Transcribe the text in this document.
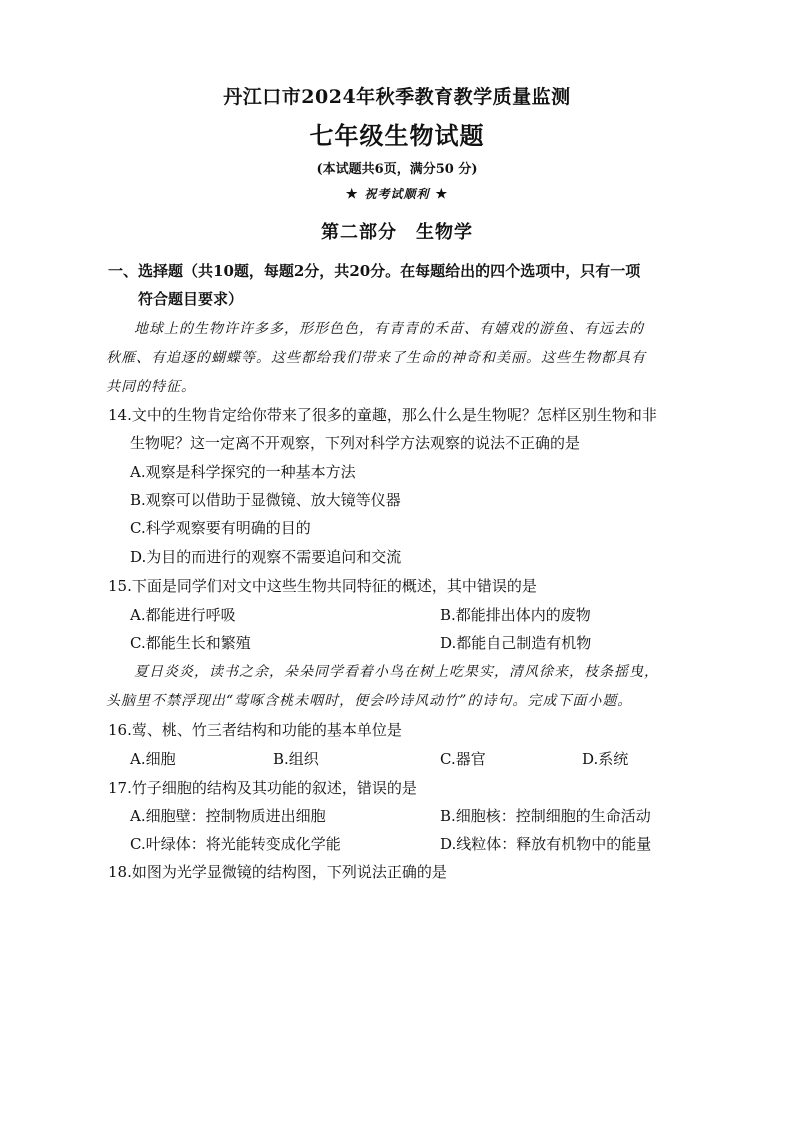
丹江口市2024年秋季教育教学质量监测
七年级生物试题
(本试题共6页，满分50 分)
★ 祝考试顺利 ★
第二部分　生物学
一、选择题（共10题，每题2分，共20分。在每题给出的四个选项中，只有一项
符合题目要求）
地球上的生物许许多多，形形色色，有青青的禾苗、有嬉戏的游鱼、有远去的
秋雁、有追逐的蝴蝶等。这些都给我们带来了生命的神奇和美丽。这些生物都具有
共同的特征。
14.文中的生物肯定给你带来了很多的童趣，那么什么是生物呢？怎样区别生物和非
生物呢？这一定离不开观察，下列对科学方法观察的说法不正确的是
A.观察是科学探究的一种基本方法
B.观察可以借助于显微镜、放大镜等仪器
C.科学观察要有明确的目的
D.为目的而进行的观察不需要追问和交流
15.下面是同学们对文中这些生物共同特征的概述，其中错误的是
A.都能进行呼吸	B.都能排出体内的废物
C.都能生长和繁殖	D.都能自己制造有机物
夏日炎炎，读书之余，朵朵同学看着小鸟在树上吃果实，清风徐来，枝条摇曳，
头脑里不禁浮现出“莺啄含桃未咽时，便会吟诗风动竹”的诗句。完成下面小题。
16.莺、桃、竹三者结构和功能的基本单位是
A.细胞	B.组织	C.器官	D.系统
17.竹子细胞的结构及其功能的叙述，错误的是
A.细胞壁：控制物质进出细胞	B.细胞核：控制细胞的生命活动
C.叶绿体：将光能转变成化学能	D.线粒体：释放有机物中的能量
18.如图为光学显微镜的结构图，下列说法正确的是
